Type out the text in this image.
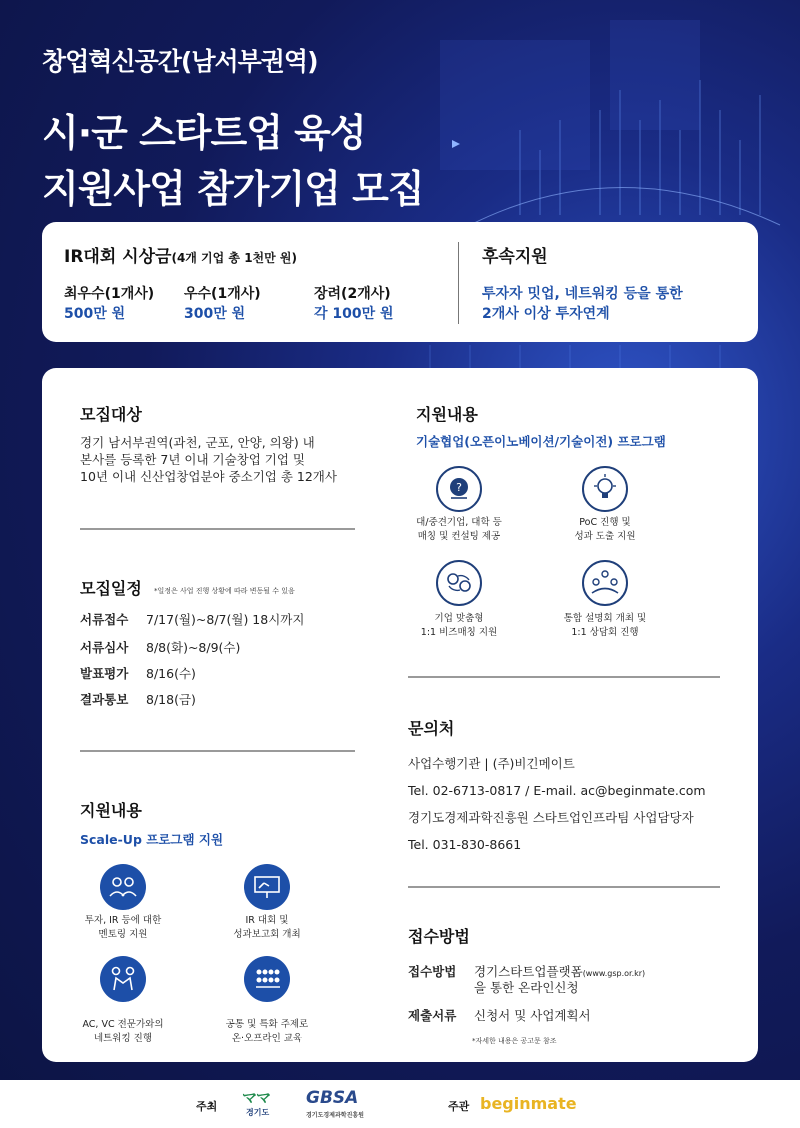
창업혁신공간(남서부권역)
시·군 스타트업 육성
지원사업 참가기업 모집
IR대회 시상금(4개 기업 총 1천만 원)
최우수(1개사)
500만 원
우수(1개사)
300만 원
장려(2개사)
각 100만 원
후속지원
투자자 밋업, 네트워킹 등을 통한
2개사 이상 투자연계
모집대상
경기 남서부권역(과천, 군포, 안양, 의왕) 내
본사를 등록한 7년 이내 기술창업 기업 및
10년 이내 신산업창업분야 중소기업 총 12개사
모집일정 *일정은 사업 진행 상황에 따라 변동될 수 있음
서류접수 7/17(월)~8/7(월) 18시까지
서류심사 8/8(화)~8/9(수)
발표평가 8/16(수)
결과통보 8/18(금)
지원내용
Scale-Up 프로그램 지원
투자, IR 등에 대한
멘토링 지원
IR 대회 및
성과보고회 개최
AC, VC 전문가와의
네트워킹 진행
공통 및 특화 주제로
온·오프라인 교육
지원내용
기술협업(오픈이노베이션/기술이전) 프로그램
?
대/중견기업, 대학 등
매칭 및 컨설팅 제공
PoC 진행 및
성과 도출 지원
기업 맞춤형
1:1 비즈매칭 지원
통합 설명회 개최 및
1:1 상담회 진행
문의처
사업수행기관 | (주)비긴메이트
Tel. 02-6713-0817 / E-mail. ac@beginmate.com
경기도경제과학진흥원 스타트업인프라팀 사업담당자
Tel. 031-830-8661
접수방법
접수방법 경기스타트업플랫폼(www.gsp.or.kr)
을 통한 온라인신청
제출서류 신청서 및 사업계획서
*자세한 내용은 공고문 참조
주최 ママ
경기도
GBSA
경기도경제과학진흥원
주관 beginmate
